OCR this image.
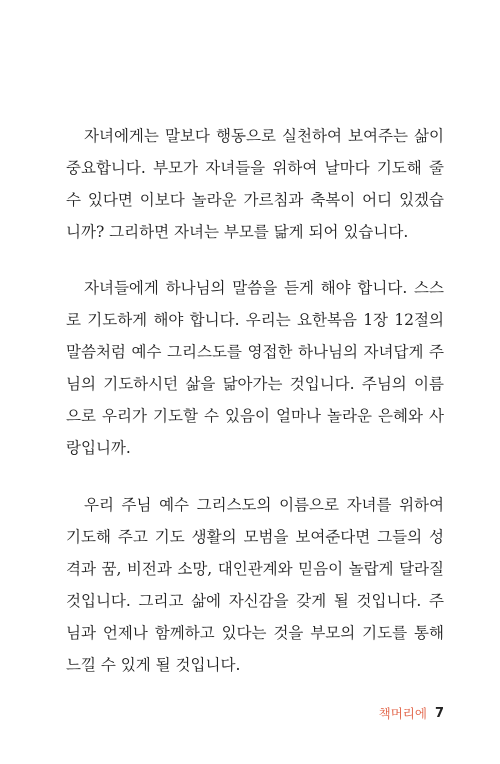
자녀에게는 말보다 행동으로 실천하여 보여주는 삶이
중요합니다. 부모가 자녀들을 위하여 날마다 기도해 줄
수 있다면 이보다 놀라운 가르침과 축복이 어디 있겠습
니까? 그리하면 자녀는 부모를 닮게 되어 있습니다.
자녀들에게 하나님의 말씀을 듣게 해야 합니다. 스스
로 기도하게 해야 합니다. 우리는 요한복음 1장 12절의
말씀처럼 예수 그리스도를 영접한 하나님의 자녀답게 주
님의 기도하시던 삶을 닮아가는 것입니다. 주님의 이름
으로 우리가 기도할 수 있음이 얼마나 놀라운 은혜와 사
랑입니까.
우리 주님 예수 그리스도의 이름으로 자녀를 위하여
기도해 주고 기도 생활의 모범을 보여준다면 그들의 성
격과 꿈, 비전과 소망, 대인관계와 믿음이 놀랍게 달라질
것입니다. 그리고 삶에 자신감을 갖게 될 것입니다. 주
님과 언제나 함께하고 있다는 것을 부모의 기도를 통해
느낄 수 있게 될 것입니다.
책머리에 7
